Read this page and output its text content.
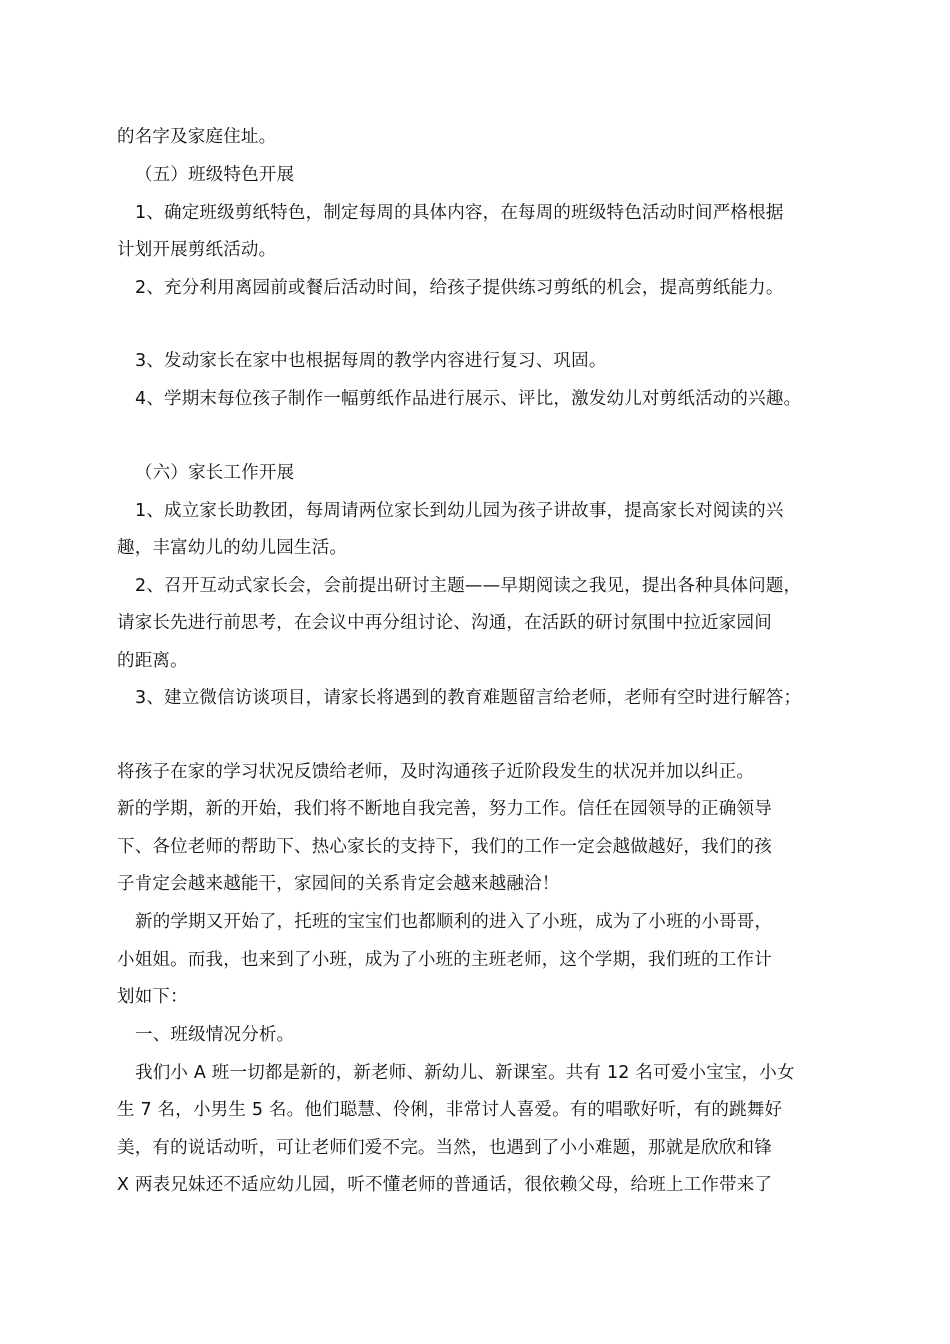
的名字及家庭住址。
（五）班级特色开展
1、确定班级剪纸特色，制定每周的具体内容，在每周的班级特色活动时间严格根据
计划开展剪纸活动。
2、充分利用离园前或餐后活动时间，给孩子提供练习剪纸的机会，提高剪纸能力。
3、发动家长在家中也根据每周的教学内容进行复习、巩固。
4、学期末每位孩子制作一幅剪纸作品进行展示、评比，激发幼儿对剪纸活动的兴趣。
（六）家长工作开展
1、成立家长助教团，每周请两位家长到幼儿园为孩子讲故事，提高家长对阅读的兴
趣，丰富幼儿的幼儿园生活。
2、召开互动式家长会，会前提出研讨主题——早期阅读之我见，提出各种具体问题，
请家长先进行前思考，在会议中再分组讨论、沟通，在活跃的研讨氛围中拉近家园间
的距离。
3、建立微信访谈项目，请家长将遇到的教育难题留言给老师，老师有空时进行解答；
将孩子在家的学习状况反馈给老师，及时沟通孩子近阶段发生的状况并加以纠正。
新的学期，新的开始，我们将不断地自我完善，努力工作。信任在园领导的正确领导
下、各位老师的帮助下、热心家长的支持下，我们的工作一定会越做越好，我们的孩
子肯定会越来越能干，家园间的关系肯定会越来越融洽！
新的学期又开始了，托班的宝宝们也都顺利的进入了小班，成为了小班的小哥哥，
小姐姐。而我，也来到了小班，成为了小班的主班老师，这个学期，我们班的工作计
划如下：
一、班级情况分析。
我们小 A 班一切都是新的，新老师、新幼儿、新课室。共有 12 名可爱小宝宝，小女
生 7 名，小男生 5 名。他们聪慧、伶俐，非常讨人喜爱。有的唱歌好听，有的跳舞好
美，有的说话动听，可让老师们爱不完。当然，也遇到了小小难题，那就是欣欣和锋
X 两表兄妹还不适应幼儿园，听不懂老师的普通话，很依赖父母，给班上工作带来了
